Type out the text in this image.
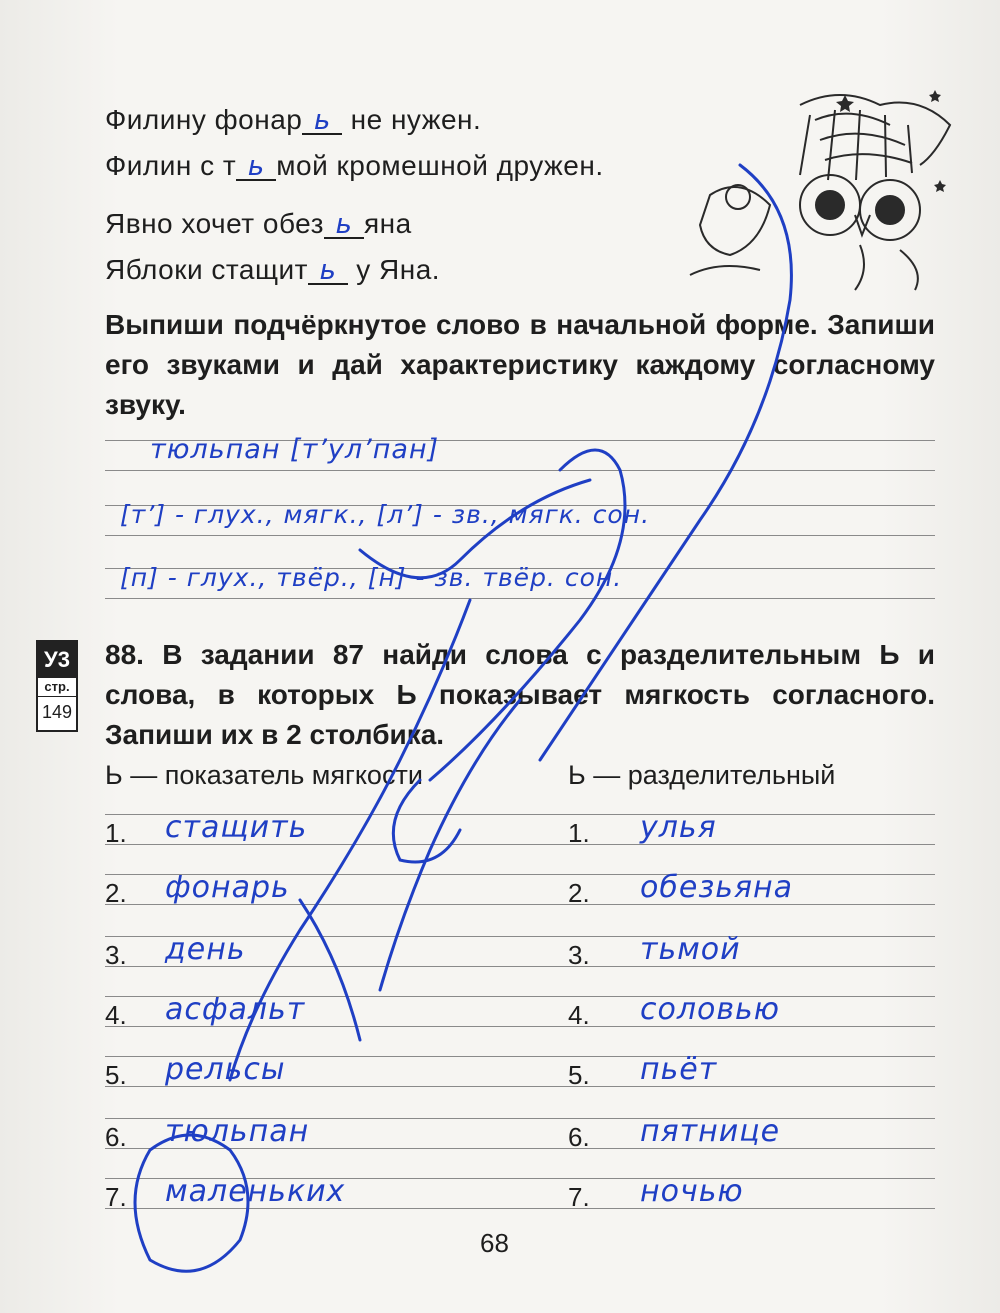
Филину фонар ь не нужен.
Филин с т ь мой кромешной дружен.
Явно хочет обез ь яна
Яблоки стащит ь у Яна.
Выпиши подчёркнутое слово в начальной форме. Запиши его звуками и дай характеристику каждому согласному звуку.
тюльпан [т’ул’пан]
[т’] - глух., мягк., [л’] - зв., мягк. сон.
[п] - глух., твёр., [н] - зв. твёр. сон.
У3
стр.
149
88. В задании 87 найди слова с разделительным Ь и слова, в которых Ь показывает мягкость согласного. Запиши их в 2 столбика.
Ь — показатель мягкости	Ь — разделительный
1. стащить	1. улья
2. фонарь	2. обезьяна
3. день	3. тьмой
4. асфальт	4. соловью
5. рельсы	5. пьёт
6. тюльпан	6. пятнице
7. маленьких	7. ночью
68
